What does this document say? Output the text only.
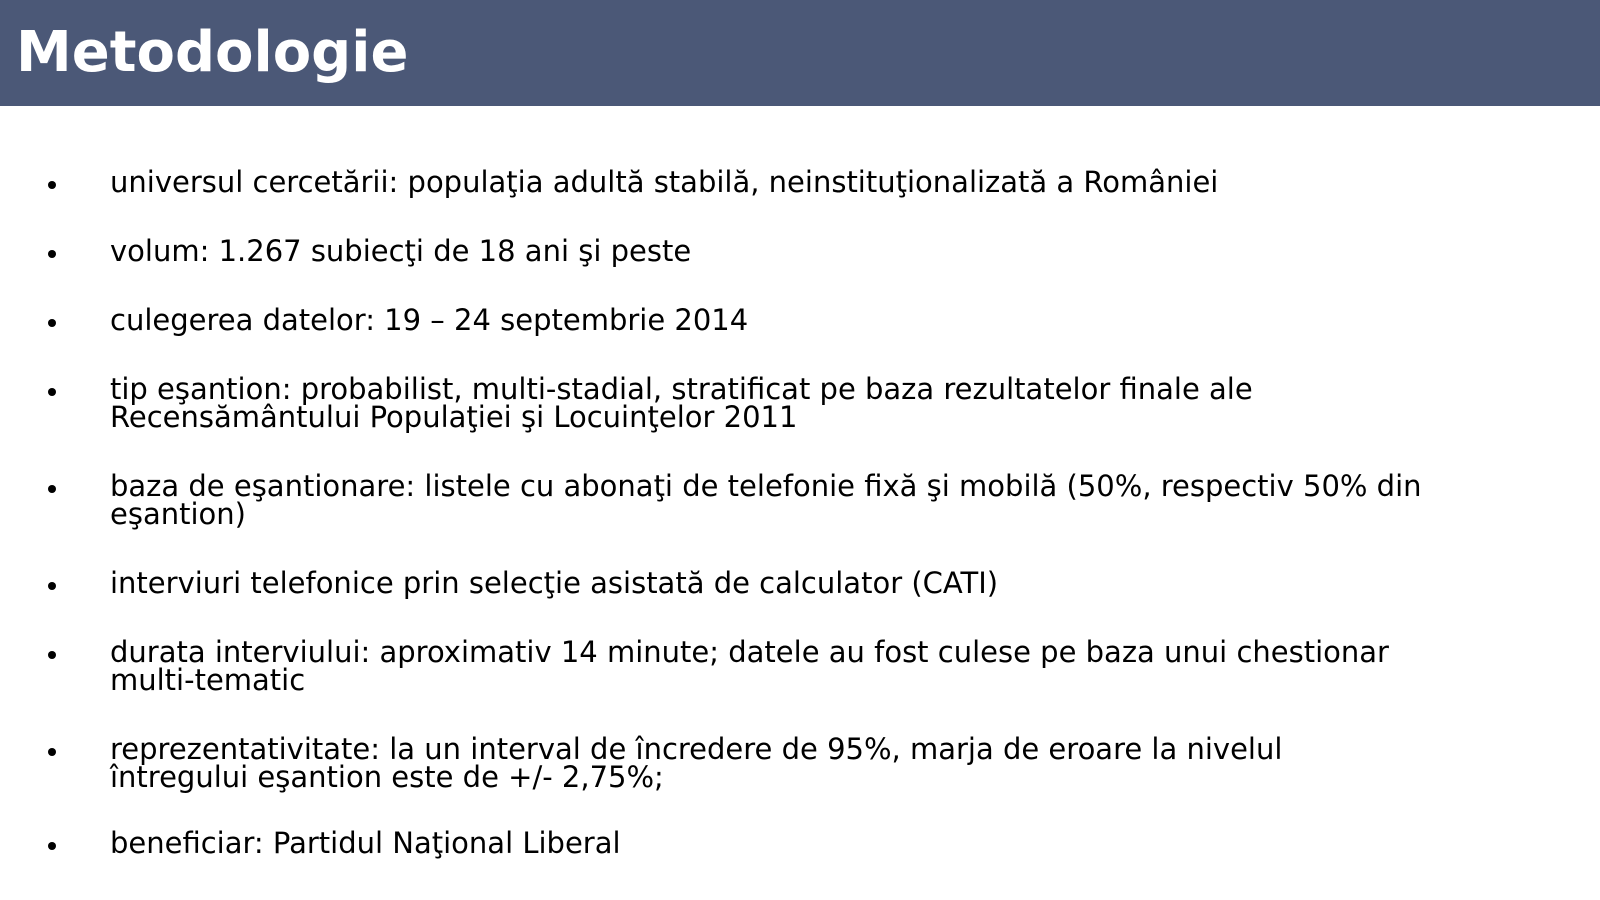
Metodologie
universul cercetării: populaţia adultă stabilă, neinstituţionalizată a României
volum: 1.267 subiecţi de 18 ani şi peste
culegerea datelor: 19 – 24 septembrie 2014
tip eşantion: probabilist, multi-stadial, stratificat pe baza rezultatelor finale ale
Recensământului Populaţiei şi Locuinţelor 2011
baza de eşantionare: listele cu abonaţi de telefonie fixă şi mobilă (50%, respectiv 50% din
eşantion)
interviuri telefonice prin selecţie asistată de calculator (CATI)
durata interviului: aproximativ 14 minute; datele au fost culese pe baza unui chestionar
multi-tematic
reprezentativitate: la un interval de încredere de 95%, marja de eroare la nivelul
întregului eşantion este de +/- 2,75%;
beneficiar: Partidul Naţional Liberal
